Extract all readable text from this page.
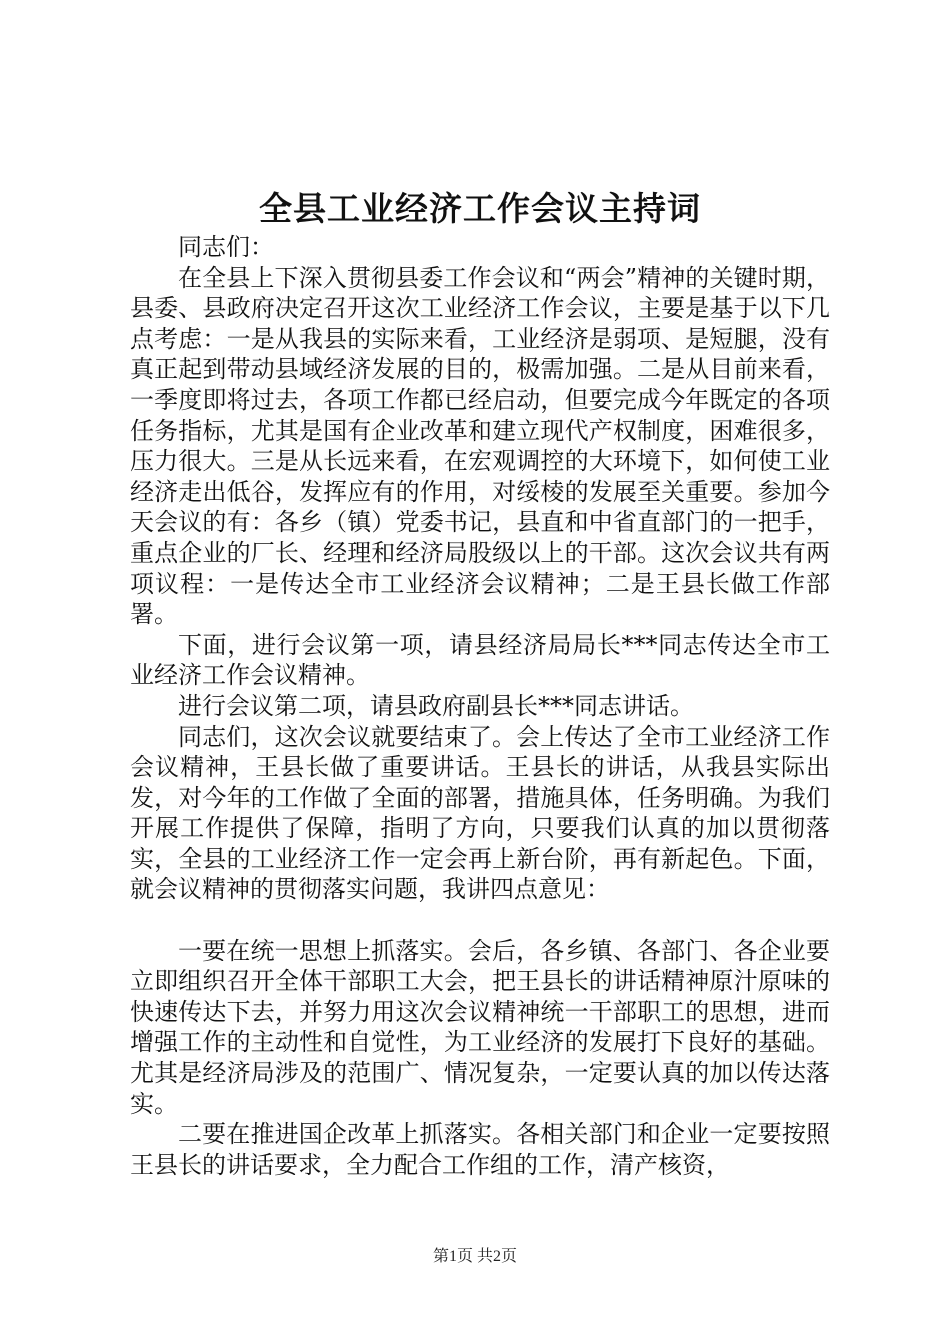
全县工业经济工作会议主持词

同志们：

在全县上下深入贯彻县委工作会议和“两会”精神的关键时期，县委、县政府决定召开这次工业经济工作会议，主要是基于以下几点考虑：一是从我县的实际来看，工业经济是弱项、是短腿，没有真正起到带动县域经济发展的目的，极需加强。二是从目前来看，一季度即将过去，各项工作都已经启动，但要完成今年既定的各项任务指标，尤其是国有企业改革和建立现代产权制度，困难很多，压力很大。三是从长远来看，在宏观调控的大环境下，如何使工业经济走出低谷，发挥应有的作用，对绥棱的发展至关重要。参加今天会议的有：各乡（镇）党委书记，县直和中省直部门的一把手，重点企业的厂长、经理和经济局股级以上的干部。这次会议共有两项议程：一是传达全市工业经济会议精神；二是王县长做工作部署。

下面，进行会议第一项，请县经济局局长***同志传达全市工业经济工作会议精神。

进行会议第二项，请县政府副县长***同志讲话。

同志们，这次会议就要结束了。会上传达了全市工业经济工作会议精神，王县长做了重要讲话。王县长的讲话，从我县实际出发，对今年的工作做了全面的部署，措施具体，任务明确。为我们开展工作提供了保障，指明了方向，只要我们认真的加以贯彻落实，全县的工业经济工作一定会再上新台阶，再有新起色。下面，就会议精神的贯彻落实问题，我讲四点意见：

一要在统一思想上抓落实。会后，各乡镇、各部门、各企业要立即组织召开全体干部职工大会，把王县长的讲话精神原汁原味的快速传达下去，并努力用这次会议精神统一干部职工的思想，进而增强工作的主动性和自觉性，为工业经济的发展打下良好的基础。尤其是经济局涉及的范围广、情况复杂，一定要认真的加以传达落实。

二要在推进国企改革上抓落实。各相关部门和企业一定要按照王县长的讲话要求，全力配合工作组的工作，清产核资，

第1页 共2页
